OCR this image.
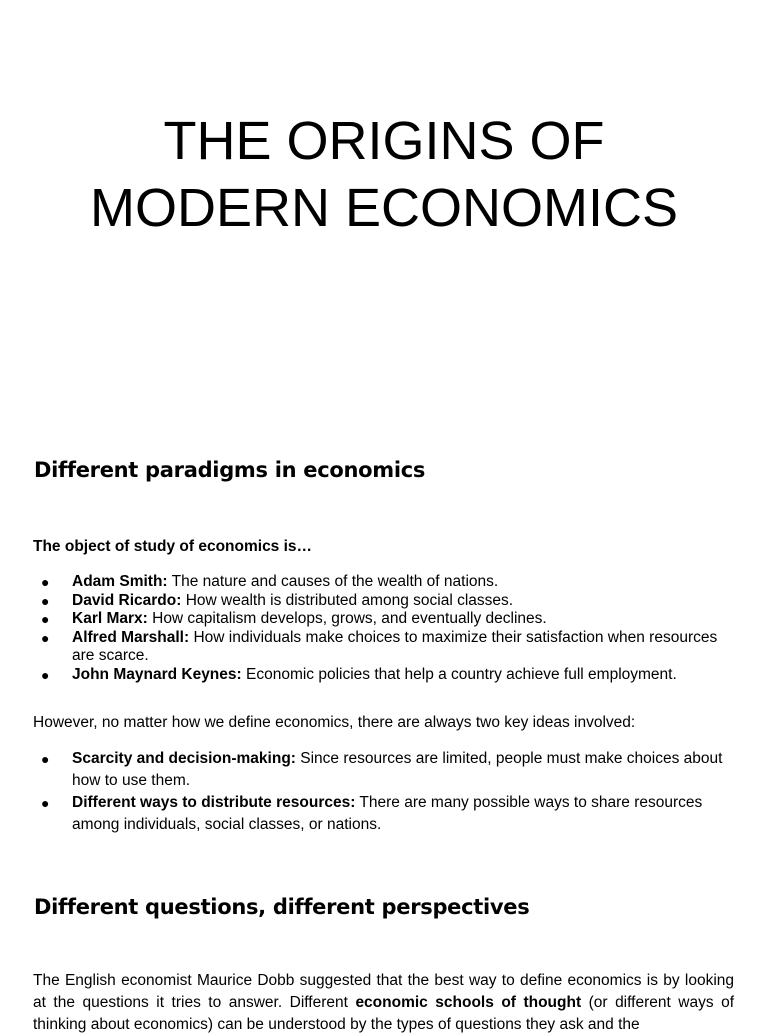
THE ORIGINS OF
MODERN ECONOMICS
Different paradigms in economics

The object of study of economics is…

● Adam Smith: The nature and causes of the wealth of nations.
● David Ricardo: How wealth is distributed among social classes.
● Karl Marx: How capitalism develops, grows, and eventually declines.
● Alfred Marshall: How individuals make choices to maximize their satisfaction when resources are scarce.
● John Maynard Keynes: Economic policies that help a country achieve full employment.

However, no matter how we define economics, there are always two key ideas involved:

● Scarcity and decision-making: Since resources are limited, people must make choices about how to use them.
● Different ways to distribute resources: There are many possible ways to share resources among individuals, social classes, or nations.
Different questions, different perspectives

The English economist Maurice Dobb suggested that the best way to define economics is by looking at the questions it tries to answer. Different economic schools of thought (or different ways of thinking about economics) can be understood by the types of questions they ask and the
